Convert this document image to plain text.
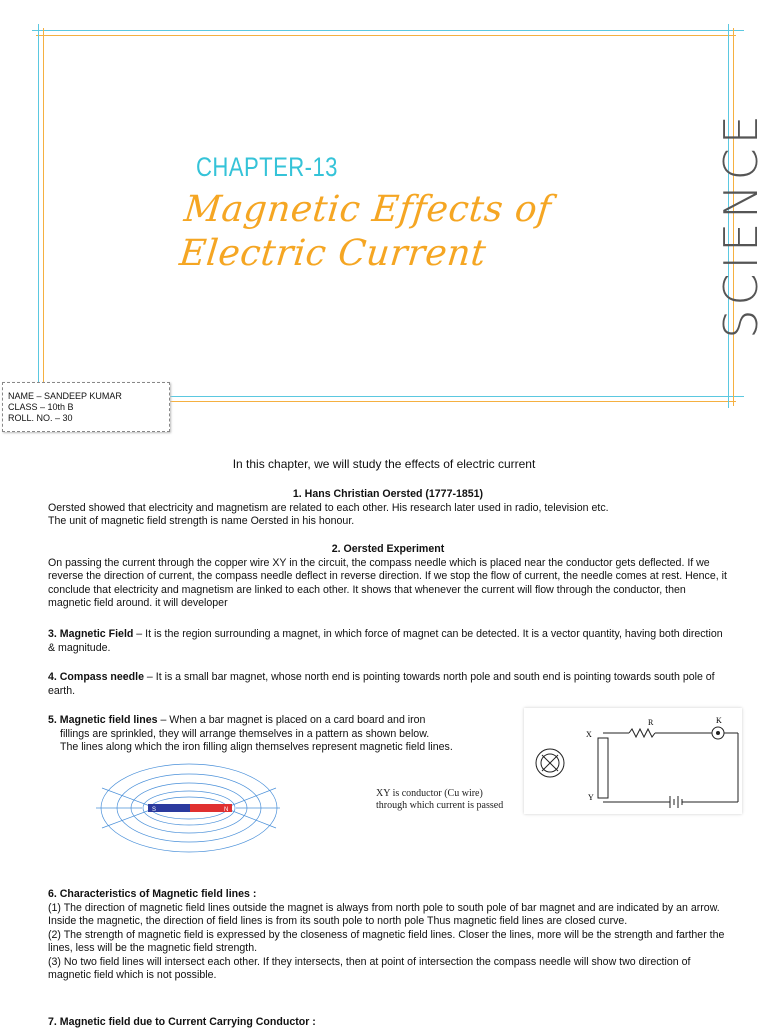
CHAPTER-13
Magnetic Effects of
Electric Current	SCIENCE
NAME – SANDEEP KUMAR
CLASS – 10th B
ROLL. NO. – 30
In this chapter, we will study the effects of electric current
1. Hans Christian Oersted (1777-1851)
Oersted showed that electricity and magnetism are related to each other. His research later used in radio, television etc.
The unit of magnetic field strength is name Oersted in his honour.
2. Oersted Experiment
On passing the current through the copper wire XY in the circuit, the compass needle which is placed near the conductor gets deflected. If we reverse the direction of current, the compass needle deflect in reverse direction. If we stop the flow of current, the needle comes at rest. Hence, it conclude that electricity and magnetism are linked to each other. It shows that whenever the current will flow through the conductor, then magnetic field around. it will developer
3. Magnetic Field – It is the region surrounding a magnet, in which force of magnet can be detected. It is a vector quantity, having both direction & magnitude.
4. Compass needle – It is a small bar magnet, whose north end is pointing towards north pole and south end is pointing towards south pole of earth.
5. Magnetic field lines – When a bar magnet is placed on a card board and iron
fillings are sprinkled, they will arrange themselves in a pattern as shown below.
The lines along which the iron filling align themselves represent magnetic field lines.
S	N
XY is conductor (Cu wire)
through which current is passed
R	K
X
Y
6. Characteristics of Magnetic field lines :
(1) The direction of magnetic field lines outside the magnet is always from north pole to south pole of bar magnet and are indicated by an arrow. Inside the magnetic, the direction of field lines is from its south pole to north pole Thus magnetic field lines are closed curve.
(2) The strength of magnetic field is expressed by the closeness of magnetic field lines. Closer the lines, more will be the strength and farther the lines, less will be the magnetic field strength.
(3) No two field lines will intersect each other. If they intersects, then at point of intersection the compass needle will show two direction of magnetic field which is not possible.
7. Magnetic field due to Current Carrying Conductor :
